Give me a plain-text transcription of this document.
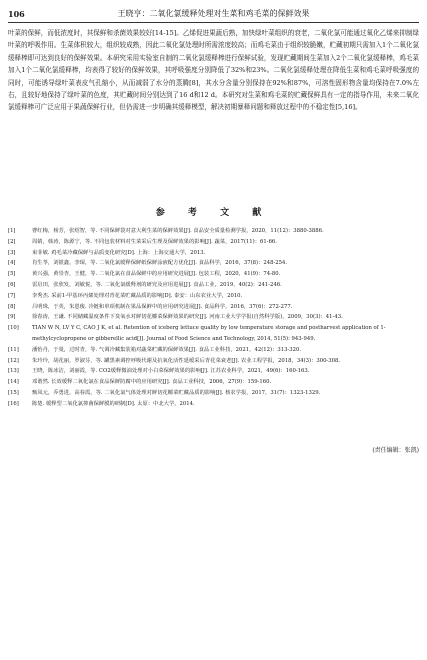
106	王晓亨：二氧化氯缓释处理对生菜和鸡毛菜的保鲜效果

叶菜的保鲜，而低浓度时，其保鲜和杀菌效果较好[14-15]。乙烯促进果蔬后熟，加快绿叶菜组织的衰老，二氧化氯可能通过氧化乙烯来抑制绿叶菜的呼吸作用。生菜体积较大，组织较成熟，因此二氧化氯处理时所需浓度较高；而鸡毛菜由于组织较脆嫩，贮藏初期只需加入1个二氧化氯缓释棒即可达到良好的保鲜效果。本研究采用实验室自制的二氧化氯缓释棒进行保鲜试验，发现贮藏期间生菜加入2个二氧化氯缓释棒，鸡毛菜加入1个二氧化氯缓释棒，均表得了较好的保鲜效果，其呼吸强度分别降低了32%和23%。二氧化氯缓释处理在降低生菜和鸡毛菜呼吸强度的同时，可能诱导绿叶菜表皮气孔缩小，从而减弱了水分的蒸腾[8]，其水分含量分别保持在92%和87%，可溶性固形物含量均保持在7.0%左右，且较好地保持了绿叶菜的色度，其贮藏时间分别达到了16 d和12 d。本研究对生菜和鸡毛菜的贮藏保鲜具有一定的指导作用，未来二氧化氯缓释棒可广泛应用于果蔬保鲜行业，但仍需进一步明确其缓释模型，解决初期暴释问题和释放过程中的不稳定性[5,16]。

参 考 文 献
[1]	曹红梅，杨芳，张绍智，等. 不同保鲜袋对意大利生菜的保鲜效果[J]. 食品安全质量检测学报，2020，11(12)：3880-3886.
[2]	周婧，韩涛，陈源宁，等. 不同包装材料对生菜采后生理及保鲜效果的影响[J]. 蔬菜，2017(11)：61-66.
[3]	束菲敏. 鸡毛菜冷藏保鲜与品质变化研究[D]. 上海：上海交通大学，2013.
[4]	肖生苓，刘银鑫，李琛，等. 二氧化氯缓释保鲜纸保鲜涂液配方优化[J]. 食品科学，2016，37(8)：248-254.
[5]	黄兴强，黄崇杏，王健，等. 二氧化氯在食品保鲜中的应用研究进展[J]. 包装工程，2020，41(9)：74-80.
[6]	雷启田，张欣发，刘敏悦，等. 二氧化氯缓释剂的研究及应用进展[J]. 食品工业，2019，40(2)：241-246.
[7]	李秀杰. 采前1-甲基环丙烯处理对青花菜贮藏品质的影响[D]. 泰安：山东农业大学，2010.
[8]	吕明珠，于英，朱恩俊. 冷链和单项机制在果品保鲜中的应用研究进展[J]. 食品科学，2016，37(6)：272-277.
[9]	徐春涛，王谦. 不同储藏温度条件下臭氧水对鲜切花椰菜保鲜效果的研究[J]. 河南工业大学学报(自然科学版)，2009，30(3)：41-43.
[10]	TIAN W N, LV Y C, CAO J K, et al. Retention of iceberg lettuce quality by low temperature storage and postharvest application of 1-methylcyclopropene or gibberellic acid[J]. Journal of Food Science and Technology, 2014, 51(5): 943-949.
[11]	潘怡丹，于曼，过时青，等. 气调冷藏集装箱对蔬菜贮藏的保鲜效果[J]. 食品工业科技，2021，42(12)：313-320.
[12]	朱玲玲，胡花丽，罗淑芬，等. 罐黑素调控呼吸代谢及抗氧化活性延缓采后青花菜衰老[J]. 农业工程学报，2018，34(3)：300-308.
[13]	王晓，陈冰洁，刘丽霞，等. CO2缓释微油处理对小白菜保鲜效果的影响[J]. 江苏农业科学，2021，49(6)：160-163.
[14]	邓谐然. 长效缓释二氧化氯在食品保鲜防腐中的应用研究[J]. 食品工业科技，2006，27(9)：159-160.
[15]	甄凤元，乔勇进，高眷霞，等. 二氧化氯气体处理对鲜切花椰菜贮藏品质的影响[J]. 核农学报，2017，31(7)：1323-1329.
[16]	陈楚. 缓释型二氧化氯抑菌保鲜膜的研制[D]. 太原：中北大学，2014.
(责任编辑：张凯)
